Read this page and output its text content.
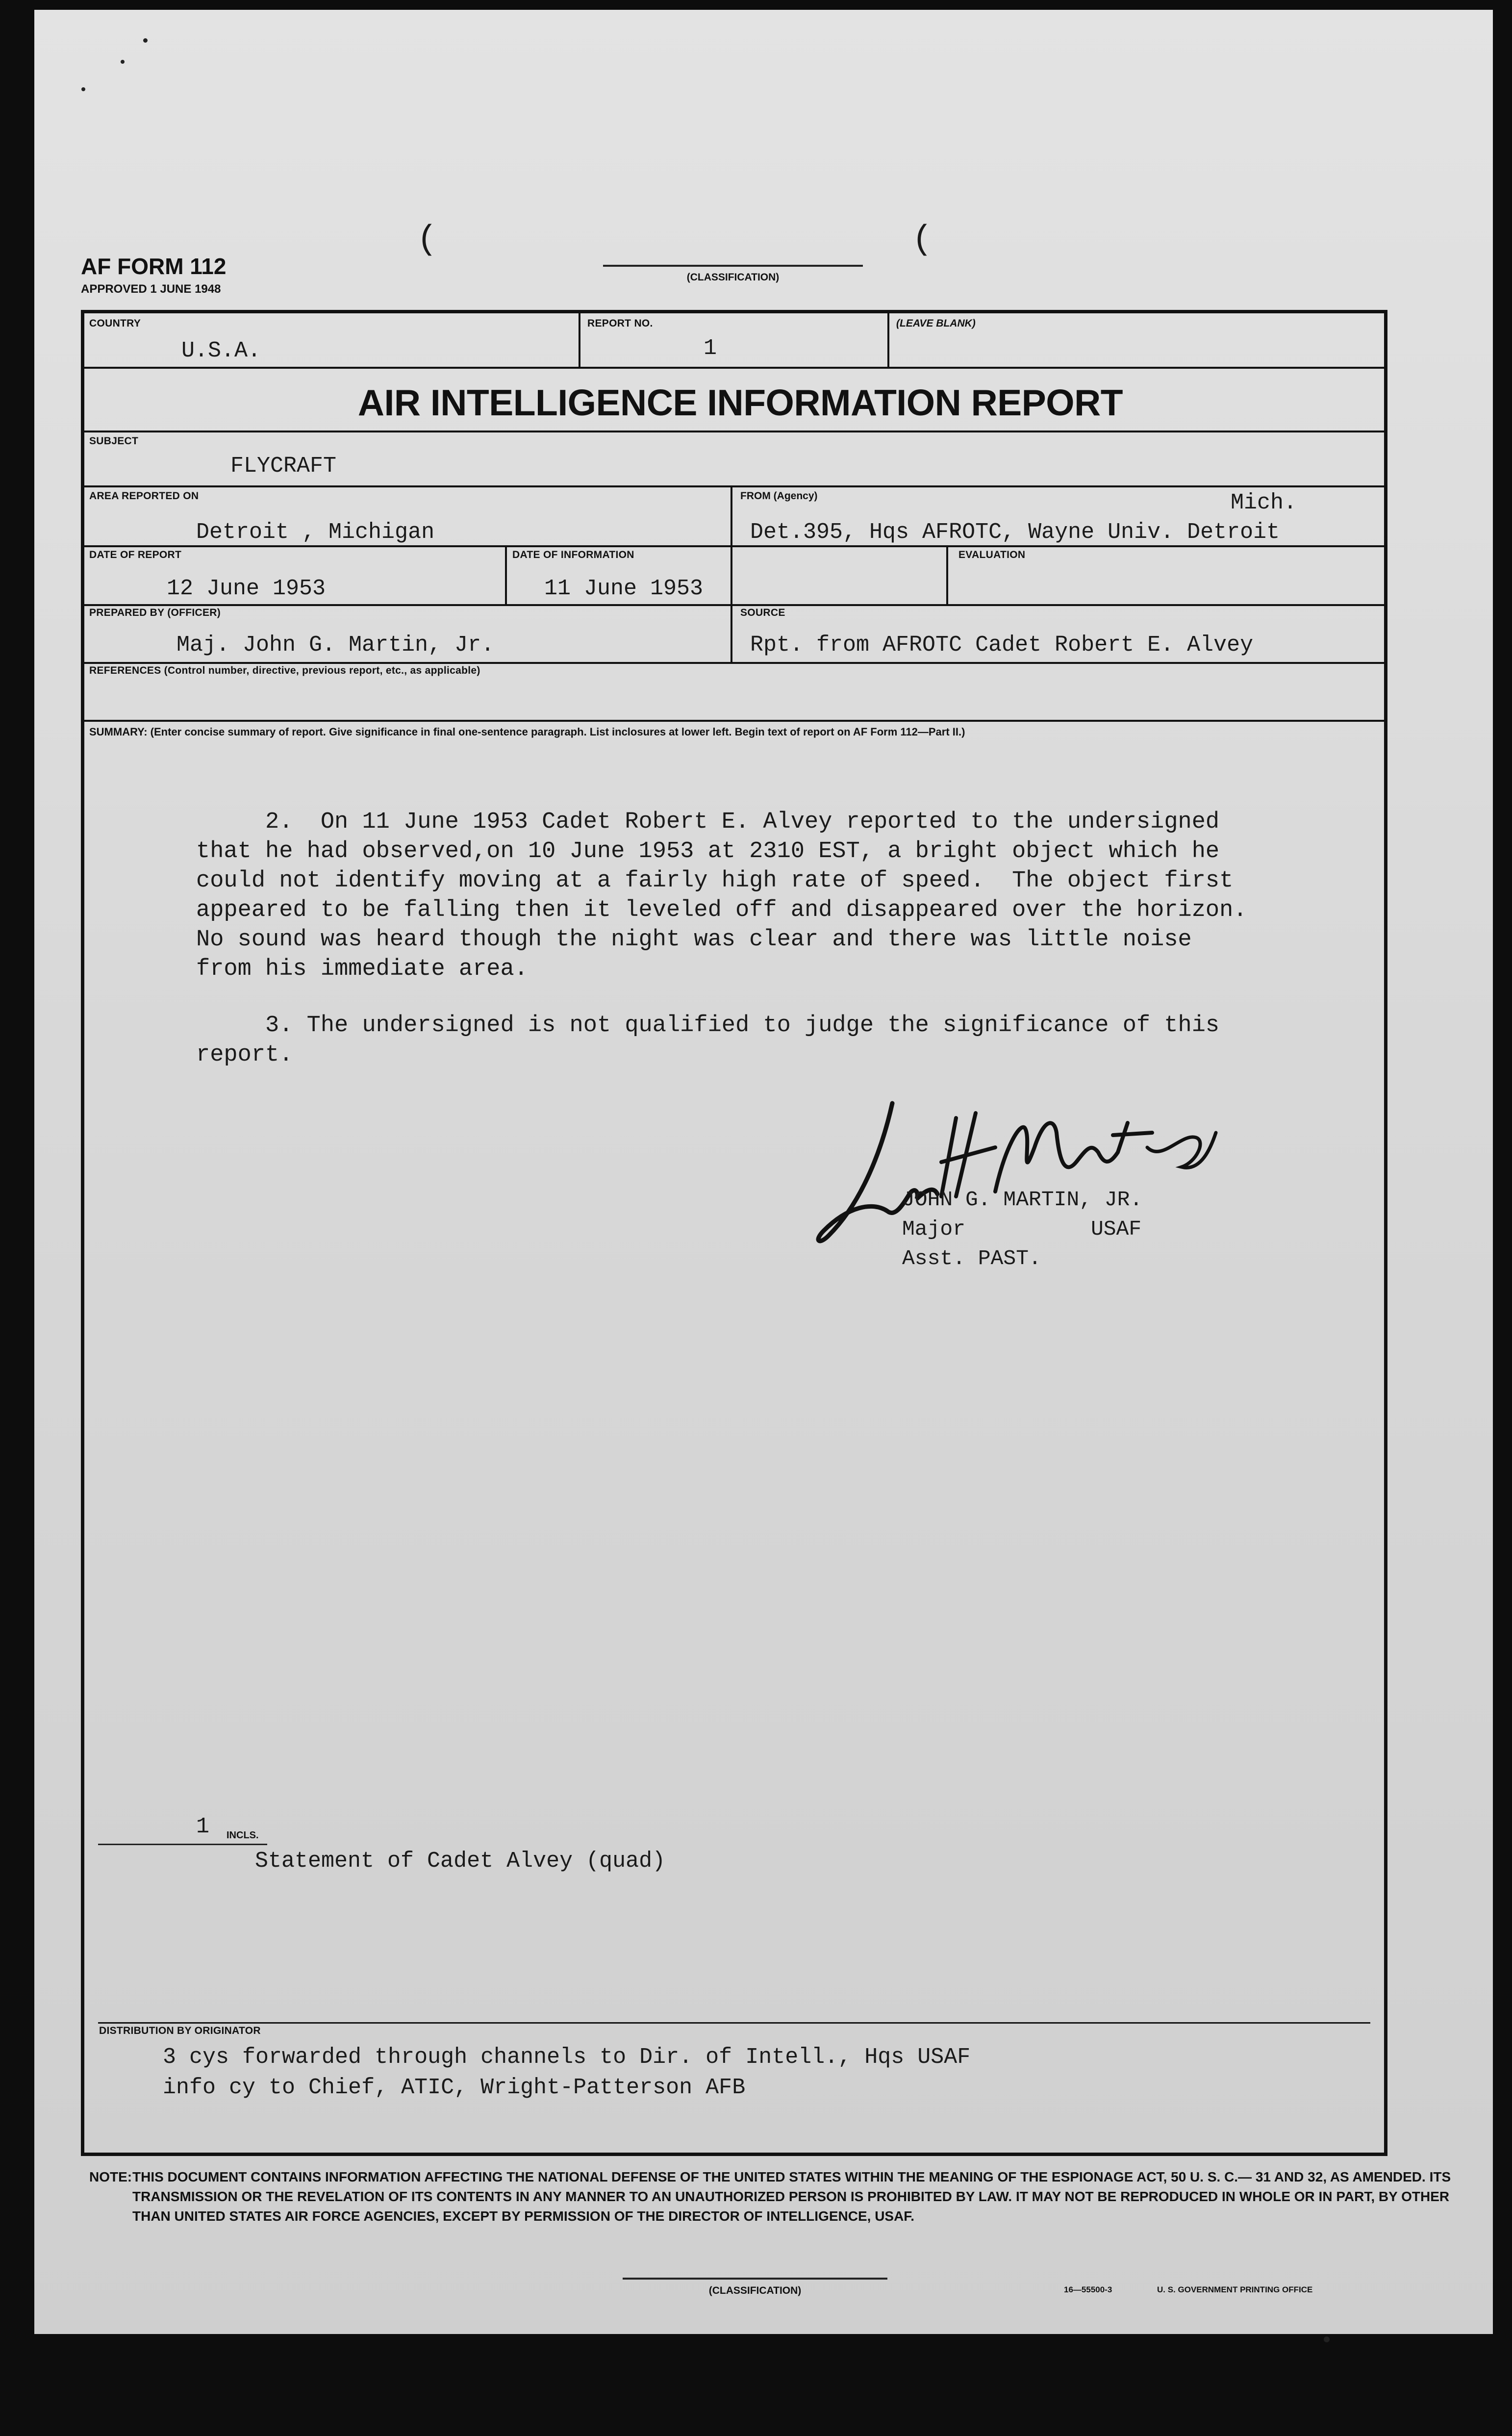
(	(
AF FORM 112
APPROVED 1 JUNE 1948
(CLASSIFICATION)
COUNTRY
U.S.A.
REPORT NO.
1
(LEAVE BLANK)
AIR INTELLIGENCE INFORMATION REPORT
SUBJECT
FLYCRAFT
AREA REPORTED ON
Detroit , Michigan
FROM (Agency)	Mich.
Det.395, Hqs AFROTC, Wayne Univ. Detroit
DATE OF REPORT
12 June 1953
DATE OF INFORMATION
11 June 1953
EVALUATION
PREPARED BY (OFFICER)
Maj. John G. Martin, Jr.
SOURCE
Rpt. from AFROTC Cadet Robert E. Alvey
REFERENCES (Control number, directive, previous report, etc., as applicable)
SUMMARY: (Enter concise summary of report. Give significance in final one-sentence paragraph. List inclosures at lower left. Begin text of report on AF Form 112—Part II.)
2.  On 11 June 1953 Cadet Robert E. Alvey reported to the undersigned
that he had observed,on 10 June 1953 at 2310 EST, a bright object which he
could not identify moving at a fairly high rate of speed.  The object first
appeared to be falling then it leveled off and disappeared over the horizon.
No sound was heard though the night was clear and there was little noise
from his immediate area.
3. The undersigned is not qualified to judge the significance of this
report.
JOHN G. MARTIN, JR.
Major	USAF
Asst. PAST.
1 INCLS.
Statement of Cadet Alvey (quad)
DISTRIBUTION BY ORIGINATOR
3 cys forwarded through channels to Dir. of Intell., Hqs USAF
info cy to Chief, ATIC, Wright-Patterson AFB
NOTE: THIS DOCUMENT CONTAINS INFORMATION AFFECTING THE NATIONAL DEFENSE OF THE UNITED STATES WITHIN THE MEANING OF THE ESPIONAGE ACT, 50 U. S. C.— 31 AND 32, AS AMENDED. ITS TRANSMISSION OR THE REVELATION OF ITS CONTENTS IN ANY MANNER TO AN UNAUTHORIZED PERSON IS PROHIBITED BY LAW. IT MAY NOT BE REPRODUCED IN WHOLE OR IN PART, BY OTHER THAN UNITED STATES AIR FORCE AGENCIES, EXCEPT BY PERMISSION OF THE DIRECTOR OF INTELLIGENCE, USAF.
(CLASSIFICATION)	16—55500-3	U. S. GOVERNMENT PRINTING OFFICE
